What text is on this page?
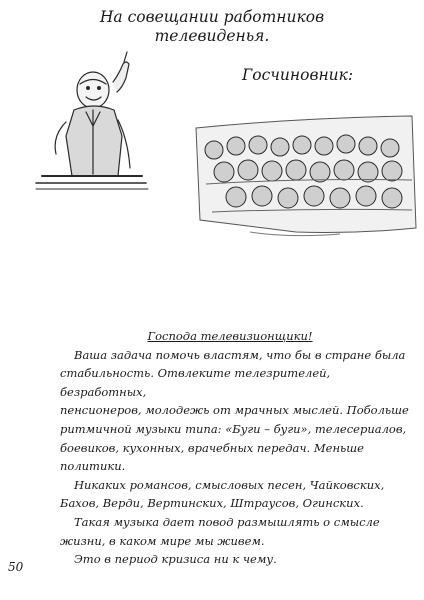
На совещании работников
телевиденья.
Госчиновник:

Господа телевизионщики!

Ваша задача помочь властям, что бы в стране была

стабильность. Отвлеките телезрителей, безработных,

пенсионеров, молодежь от мрачных мыслей. Побольше

ритмичной музыки типа: «Буги – буги», телесериалов,

боевиков, кухонных, врачебных передач. Меньше политики.

Никаких романсов, смысловых песен, Чайковских,

Бахов, Верди, Вертинских, Штраусов, Огинских.

Такая музыка дает повод размышлять о смысле

жизни, в каком мире мы живем.

Это в период кризиса ни к чему.

50
